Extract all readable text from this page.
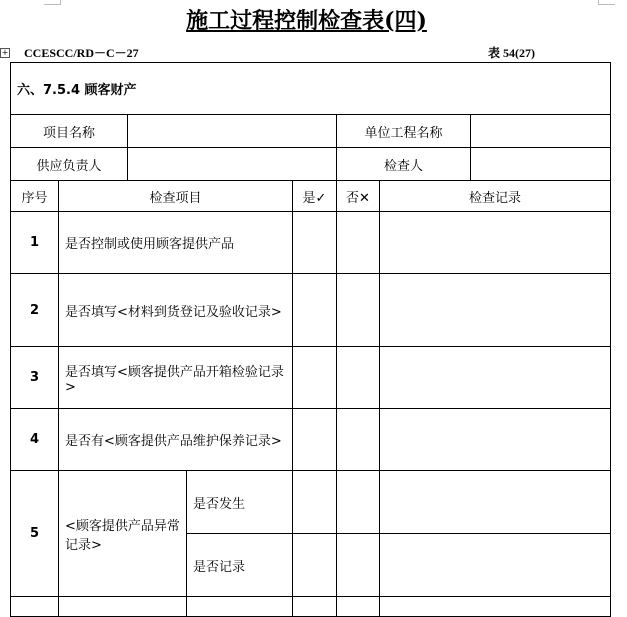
施工过程控制检查表(四)
+ CCESCC/RD－C－27	表 54(27)
六、7.5.4 顾客财产							
项目名称					单位工程名称		
供应负责人					检查人		
序号	检查项目			是✓	否✕	检查记录	
1	是否控制或使用顾客提供产品						
2	是否填写<材料到货登记及验收记录>						
3	是否填写<顾客提供产品开箱检验记录>						
4	是否有<顾客提供产品维护保养记录>						
5	<顾客提供产品异常记录>		是否发生				
			是否记录				
